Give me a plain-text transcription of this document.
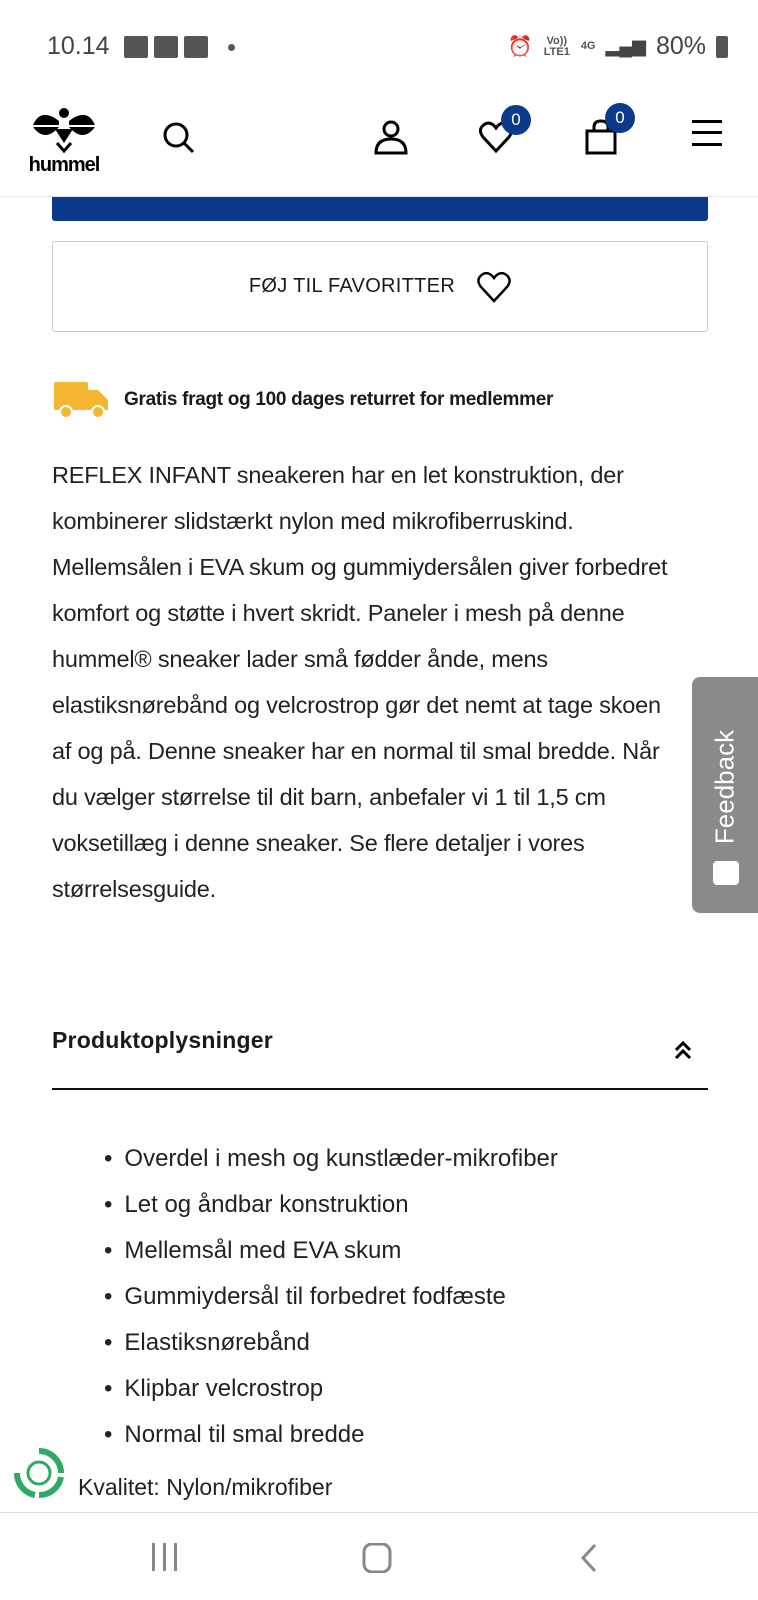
10.14	⏰	Vo)) LTE1 4G ▂▄▆ 80%
hummel
0	0
FØJ TIL FAVORITTER
Gratis fragt og 100 dages returret for medlemmer

REFLEX INFANT sneakeren har en let konstruktion, der kombinerer slidstærkt nylon med mikrofiberruskind. Mellemsålen i EVA skum og gummiydersålen giver forbedret komfort og støtte i hvert skridt. Paneler i mesh på denne hummel® sneaker lader små fødder ånde, mens elastiksnørebånd og velcrostrop gør det nemt at tage skoen af og på. Denne sneaker har en normal til smal bredde. Når du vælger størrelse til dit barn, anbefaler vi 1 til 1,5 cm voksetillæg i denne sneaker. Se flere detaljer i vores størrelsesguide.

Feedback
Produktoplysninger
• Overdel i mesh og kunstlæder-mikrofiber
• Let og åndbar konstruktion
• Mellemsål med EVA skum
• Gummiydersål til forbedret fodfæste
• Elastiksnørebånd
• Klipbar velcrostrop
• Normal til smal bredde
Kvalitet: Nylon/mikrofiber
